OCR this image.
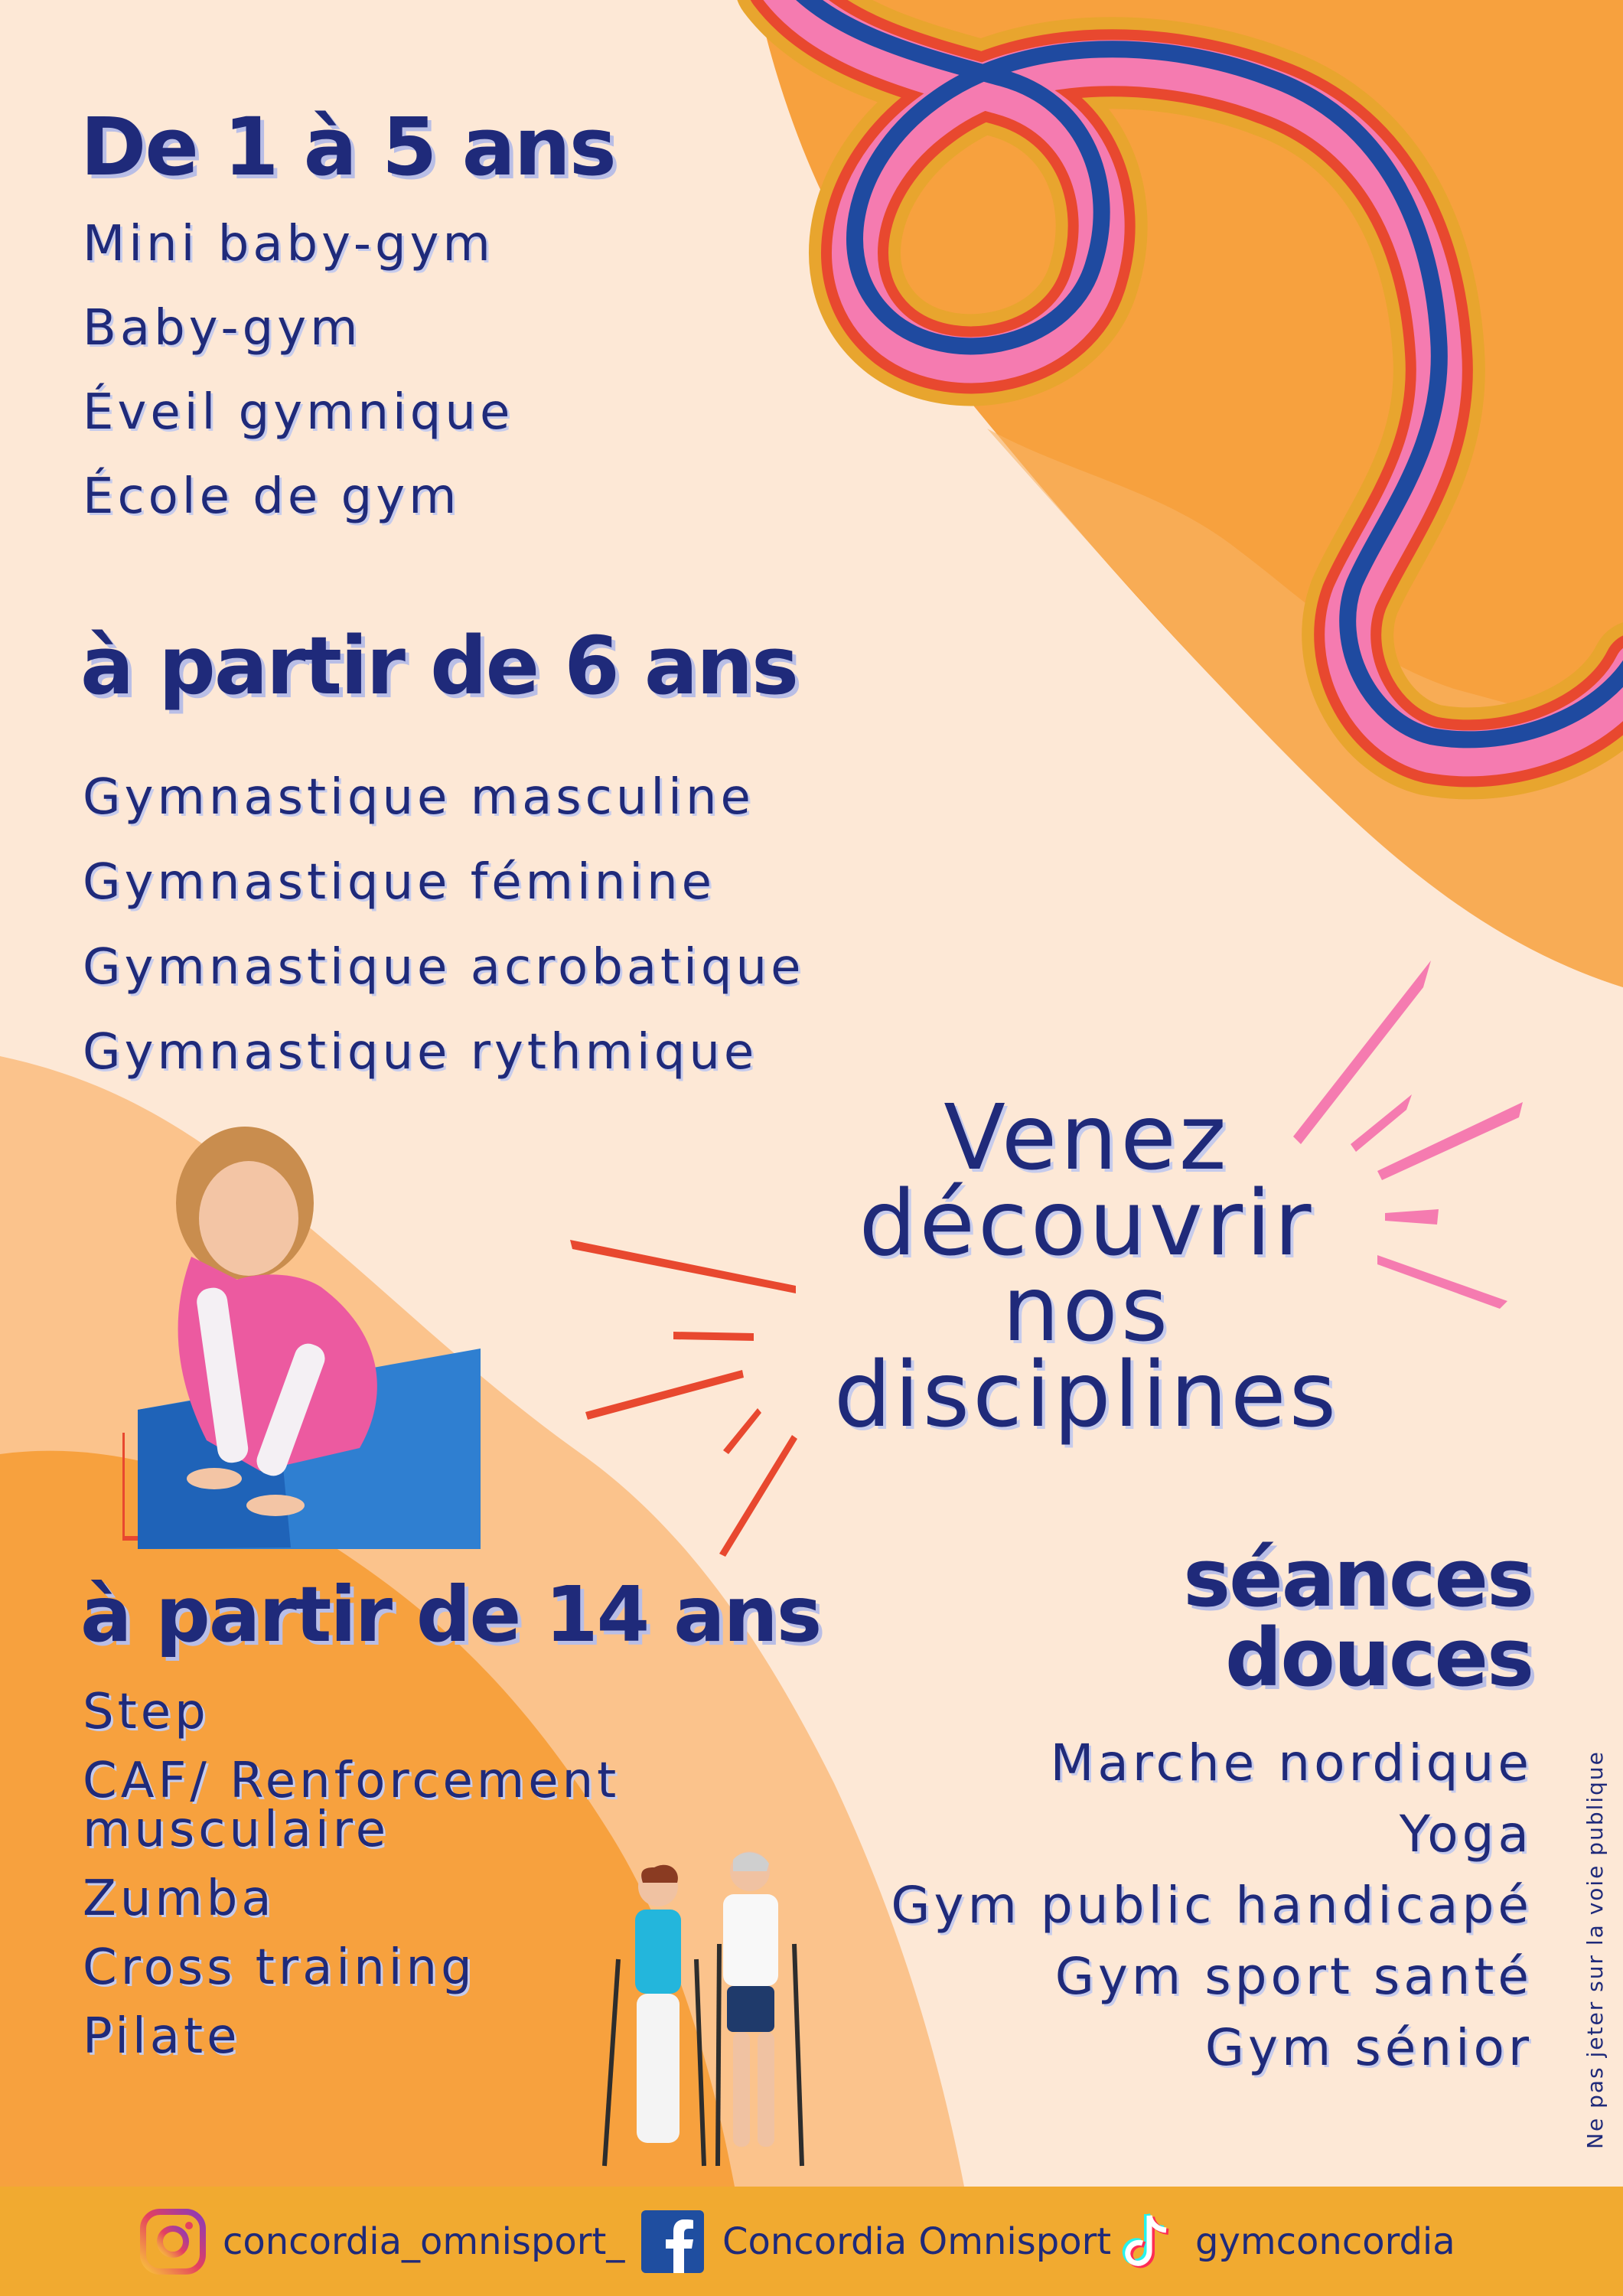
De 1 à 5 ans
Mini baby-gym
Baby-gym
Éveil gymnique
École de gym
à partir de 6 ans
Gymnastique masculine
Gymnastique féminine
Gymnastique acrobatique
Gymnastique rythmique
Venez
découvrir
nos
disciplines
à partir de 14 ans
Step
CAF/ Renforcement musculaire
Zumba
Cross training
Pilate
séances
douces
Marche nordique
Yoga
Gym public handicapé
Gym sport santé
Gym sénior Ne pas jeter sur la voie publique
concordia_omnisport_	Concordia Omnisport gymconcordia
